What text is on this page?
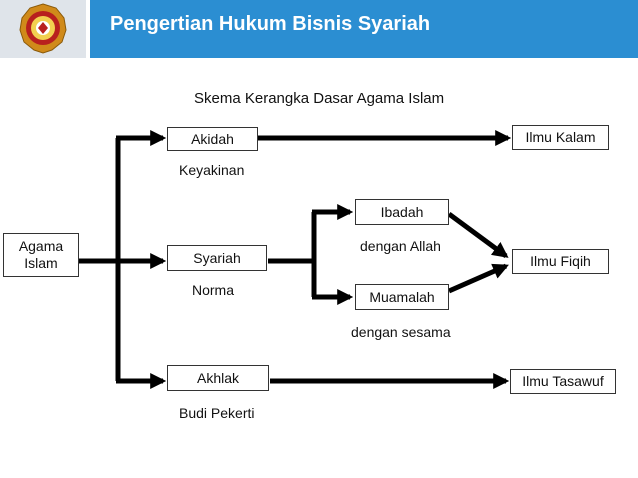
Pengertian Hukum Bisnis Syariah
Skema Kerangka Dasar Agama Islam
Agama Islam
Akidah
Syariah
Akhlak
Ibadah
Muamalah
Ilmu Kalam
Ilmu Fiqih
Ilmu Tasawuf
Keyakinan
Norma
Budi Pekerti
dengan Allah
dengan sesama
